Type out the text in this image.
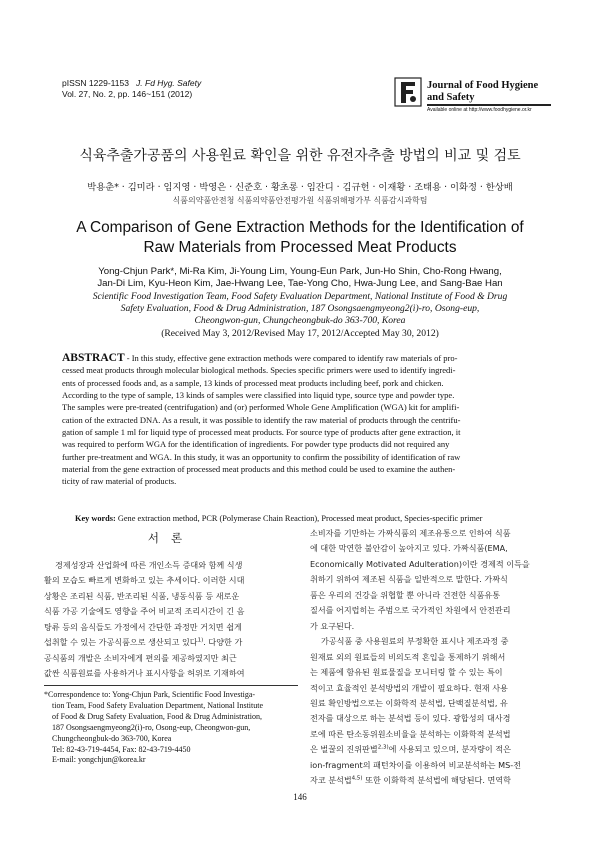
pISSN 1229-1153 J. Fd Hyg. Safety
Vol. 27, No. 2, pp. 146~151 (2012)
Journal of Food Hygiene
and Safety
Available online at http://www.foodhygiene.or.kr
식육추출가공품의 사용원료 확인을 위한 유전자추출 방법의 비교 및 검토
박용춘* · 김미라 · 임지영 · 박영은 · 신준호 · 황초롱 · 임잔디 · 김규헌 · 이재황 · 조태용 · 이화정 · 한상배
식품의약품안전청 식품의약품안전평가원 식품위해평가부 식품감시과학팀
A Comparison of Gene Extraction Methods for the Identification of
Raw Materials from Processed Meat Products
Yong-Chjun Park*, Mi-Ra Kim, Ji-Young Lim, Young-Eun Park, Jun-Ho Shin, Cho-Rong Hwang,
Jan-Di Lim, Kyu-Heon Kim, Jae-Hwang Lee, Tae-Yong Cho, Hwa-Jung Lee, and Sang-Bae Han
Scientific Food Investigation Team, Food Safety Evaluation Department, National Institute of Food & Drug
Safety Evaluation, Food & Drug Administration, 187 Osongsaengmyeong2(i)-ro, Osong-eup,
Cheongwon-gun, Chungcheongbuk-do 363-700, Korea
(Received May 3, 2012/Revised May 17, 2012/Accepted May 30, 2012)
ABSTRACT - In this study, effective gene extraction methods were compared to identify raw materials of pro-
cessed meat products through molecular biological methods. Species specific primers were used to identify ingredi-
ents of processed foods and, as a sample, 13 kinds of processed meat products including beef, pork and chicken.
According to the type of sample, 13 kinds of samples were classified into liquid type, source type and powder type.
The samples were pre-treated (centrifugation) and (or) performed Whole Gene Amplification (WGA) kit for amplifi-
cation of the extracted DNA. As a result, it was possible to identify the raw material of products through the centrifu-
gation of sample 1 ml for liquid type of processed meat products. For source type of products after gene extraction, it
was required to perform WGA for the identification of ingredients. For powder type products did not required any
further pre-treatment and WGA. In this study, it was an opportunity to confirm the possibility of identification of raw
material from the gene extraction of processed meat products and this method could be used to examine the authen-
ticity of raw material of products.
Key words: Gene extraction method, PCR (Polymerase Chain Reaction), Processed meat product, Species-specific primer
서론

경제성장과 산업화에 따른 개인소득 증대와 함께 식생

활의 모습도 빠르게 변화하고 있는 추세이다. 이러한 시대

상황은 조리된 식품, 반조리된 식품, 냉동식품 등 새로운

식품 가공 기술에도 영향을 주어 비교적 조리시간이 긴 음

탕류 등의 음식들도 가정에서 간단한 과정만 거치면 쉽게

섭취할 수 있는 가공식품으로 생산되고 있다$^{1)}$. 다양한 가

공식품의 개발은 소비자에게 편의를 제공하였지만 최근

값싼 식품원료를 사용하거나 표시사항을 허위로 기재하여

*Correspondence to: Yong-Chjun Park, Scientific Food Investiga-
tion Team, Food Safety Evaluation Department, National Institute
of Food & Drug Safety Evaluation, Food & Drug Administration,
187 Osongsaengmyeong2(i)-ro, Osong-eup, Cheongwon-gun,
Chungcheongbuk-do 363-700, Korea
Tel: 82-43-719-4454, Fax: 82-43-719-4450
E-mail: yongchjun@korea.kr

소비자를 기만하는 가짜식품의 제조유통으로 인하여 식품

에 대한 막연한 불안감이 높아지고 있다. 가짜식품(EMA,

Economically Motivated Adulteration)이란 경제적 이득을

취하기 위하여 제조된 식품을 일반적으로 말한다. 가짜식

품은 우리의 건강을 위협할 뿐 아니라 건전한 식품유통

질서를 어지럽히는 주범으로 국가적인 차원에서 안전관리

가 요구된다.

가공식품 중 사용원료의 부정확한 표시나 제조과정 중

원재료 외의 원료들의 비의도적 혼입을 통제하기 위해서

는 제품에 함유된 원료물질을 모니터링 할 수 있는 특이

적이고 효율적인 분석방법의 개발이 필요하다. 현재 사용

원료 확인방법으로는 이화학적 분석법, 단백질분석법, 유

전자를 대상으로 하는 분석법 등이 있다. 광합성의 대사경

로에 따른 탄소동위원소비율을 분석하는 이화학적 분석법

은 벌꿀의 진위판별$^{2,3)}$에 사용되고 있으며, 분자량이 적은

ion-fragment의 패턴차이를 이용하여 비교분석하는 MS-전

자코 분석법$^{4,5)}$ 또한 이화학적 분석법에 해당된다. 면역학

146
